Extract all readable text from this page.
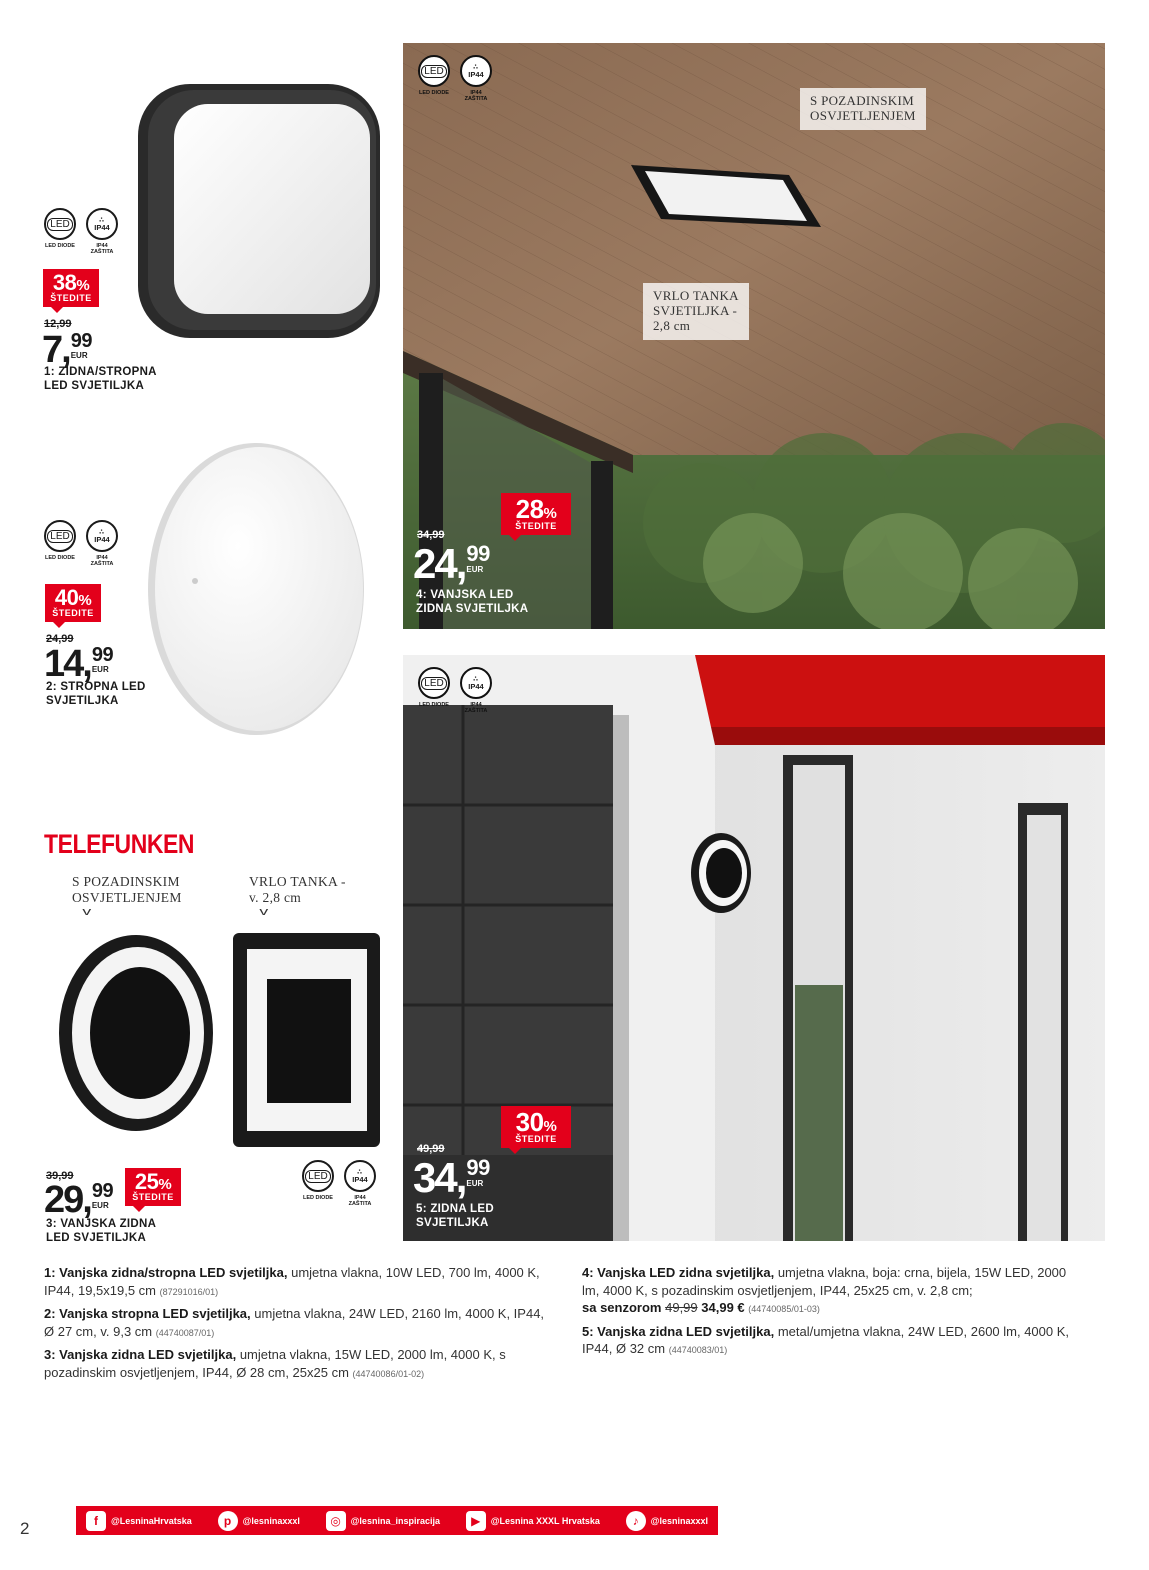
LED
LED DIODE
∴
IP44
IP44 ZAŠTITA
38%
ŠTEDITE
12,99
7, 99
EUR
1: ZIDNA/STROPNA
LED SVJETILJKA
LED
LED DIODE
∴
IP44
IP44 ZAŠTITA
40%
ŠTEDITE
24,99
14, 99
EUR
2: STROPNA LED
SVJETILJKA
TELEFUNKEN
S POZADINSKIM
OSVJETLJENJEM
v
VRLO TANKA -
v. 2,8 cm
v
39,99
29, 99
EUR
25%
ŠTEDITE
3: VANJSKA ZIDNA
LED SVJETILJKA
LED
LED DIODE
∴
IP44
IP44 ZAŠTITA
LED
LED DIODE
∴
IP44
IP44 ZAŠTITA	S POZADINSKIM
OSVJETLJENJEM
VRLO TANKA
SVJETILJKA -
2,8 cm
28%
ŠTEDITE
34,99
24, 99
EUR
4: VANJSKA LED
ZIDNA SVJETILJKA
LED
LED DIODE
∴
IP44
IP44 ZAŠTITA
30%
ŠTEDITE
49,99
34, 99
EUR
5: ZIDNA LED
SVJETILJKA

1: Vanjska zidna/stropna LED svjetiljka, umjetna vlakna, 10W LED, 700 lm, 4000 K, IP44, 19,5x19,5 cm (87291016/01)

2: Vanjska stropna LED svjetiljka, umjetna vlakna, 24W LED, 2160 lm, 4000 K, IP44, Ø 27 cm, v. 9,3 cm (44740087/01)

3: Vanjska zidna LED svjetiljka, umjetna vlakna, 15W LED, 2000 lm, 4000 K, s pozadinskim osvjetljenjem, IP44, Ø 28 cm, 25x25 cm (44740086/01-02)

4: Vanjska LED zidna svjetiljka, umjetna vlakna, boja: crna, bijela, 15W LED, 2000 lm, 4000 K, s pozadinskim osvjetljenjem, IP44, 25x25 cm, v. 2,8 cm;
sa senzorom 49,99 34,99 € (44740085/01-03)

5: Vanjska zidna LED svjetiljka, metal/umjetna vlakna, 24W LED, 2600 lm, 4000 K, IP44, Ø 32 cm (44740083/01)

2	f	@LesninaHrvatska	p	@lesninaxxxl	◎	@lesnina_inspiracija	▶	@Lesnina XXXL Hrvatska	♪	@lesninaxxxl
